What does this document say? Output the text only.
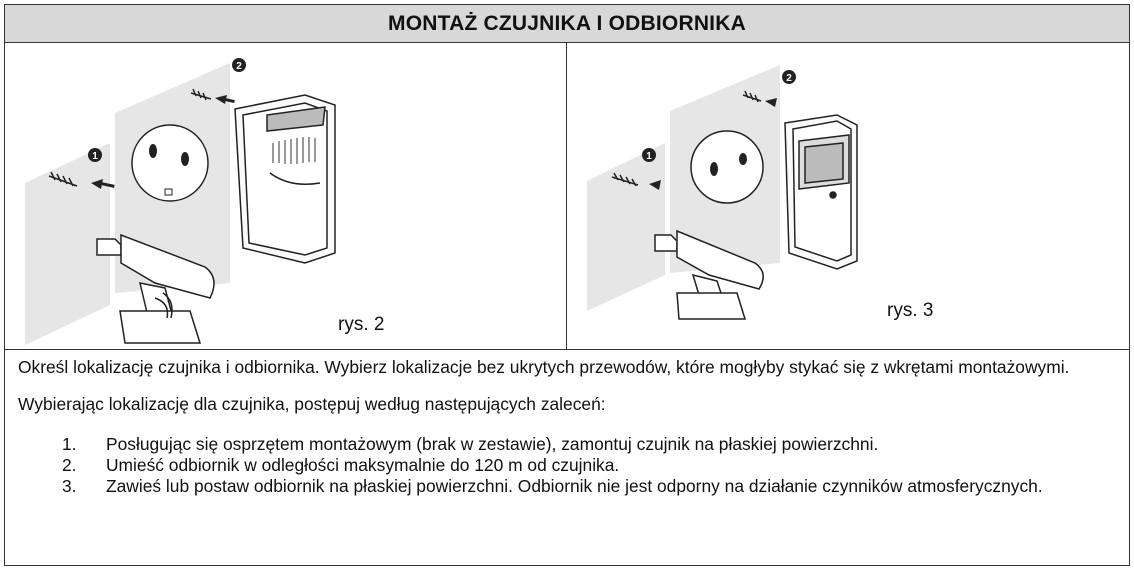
MONTAŻ CZUJNIKA I ODBIORNIKA
1
2
rys. 2
1
2
rys. 3

Określ lokalizację czujnika i odbiornika. Wybierz lokalizacje bez ukrytych przewodów, które mogłyby stykać się z wkrętami montażowymi.

Wybierając lokalizację dla czujnika, postępuj według następujących zaleceń:

1.	Posługując się osprzętem montażowym (brak w zestawie), zamontuj czujnik na płaskiej powierzchni.
2.	Umieść odbiornik w odległości maksymalnie do 120 m od czujnika.
3.	Zawieś lub postaw odbiornik na płaskiej powierzchni. Odbiornik nie jest odporny na działanie czynników atmosferycznych.
